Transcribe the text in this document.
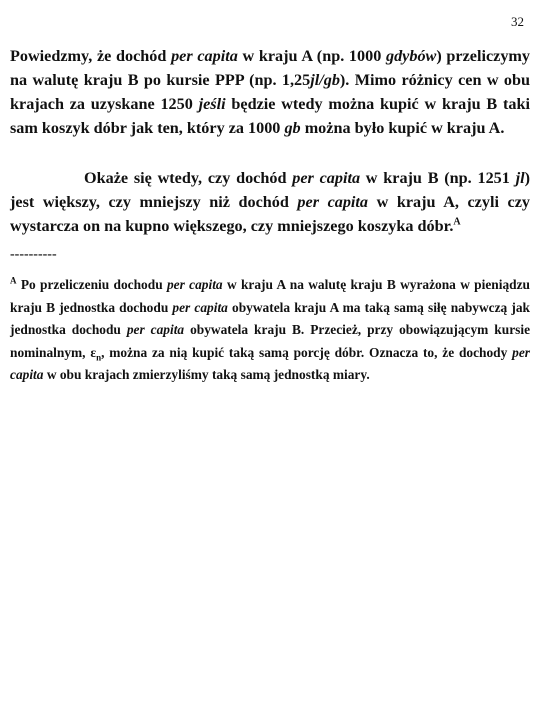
32

Powiedzmy, że dochód per capita w kraju A (np. 1000 gdybów) przeliczymy na walutę kraju B po kursie PPP (np. 1,25jl/gb). Mimo różnicy cen w obu krajach za uzyskane 1250 jeśli będzie wtedy można kupić w kraju B taki sam koszyk dóbr jak ten, który za 1000 gb można było kupić w kraju A.

Okaże się wtedy, czy dochód per capita w kraju B (np. 1251 jl) jest większy, czy mniejszy niż dochód per capita w kraju A, czyli czy wystarcza on na kupno większego, czy mniejszego koszyka dóbr.$^A$

----------

$^A$ Po przeliczeniu dochodu per capita w kraju A na walutę kraju B wyrażona w pieniądzu kraju B jednostka dochodu per capita obywatela kraju A ma taką samą siłę nabywczą jak jednostka dochodu per capita obywatela kraju B. Przecież, przy obowiązującym kursie nominalnym, $\varepsilon_n$, można za nią kupić taką samą porcję dóbr. Oznacza to, że dochody per capita w obu krajach zmierzyliśmy taką samą jednostką miary.
